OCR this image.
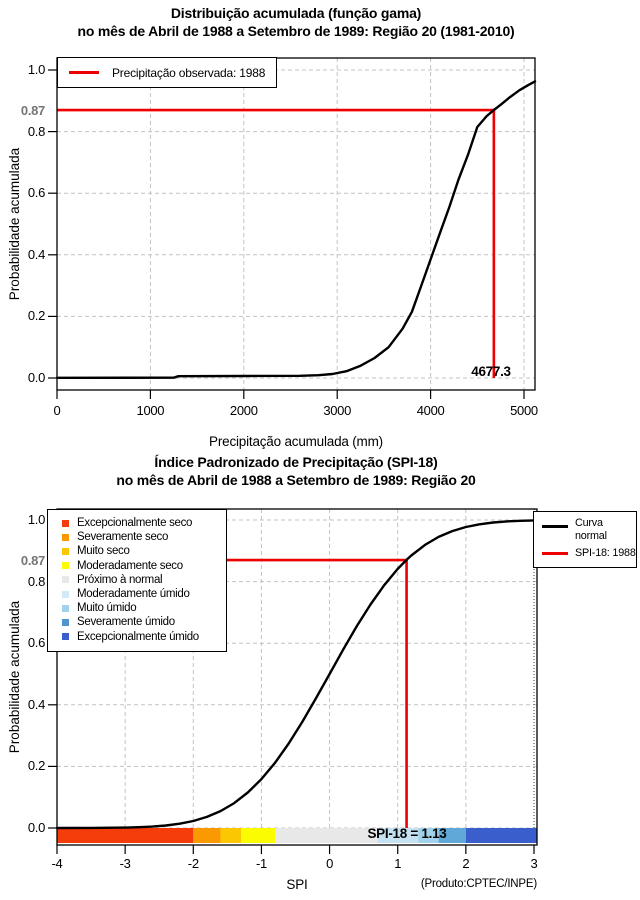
Distribuição acumulada (função gama)
no mês de Abril de 1988 a Setembro de 1989: Região 20 (1981-2010)
Probabilidade acumulada
Precipitação acumulada (mm)
0.87
4677.3
Precipitação observada: 1988
Índice Padronizado de Precipitação (SPI-18)
no mês de Abril de 1988 a Setembro de 1989: Região 20
Probabilidade acumulada
SPI	(Produto:CPTEC/INPE)
0.87
SPI-18 = 1.13
Excepcionalmente seco
Severamente seco
Muito seco
Moderadamente seco
Próximo à normal
Moderadamente úmido
Muito úmido
Severamente úmido
Excepcionalmente úmido
Curva
normal
SPI-18: 1988
0.0
0.2
0.4
0.6
0.8
1.0
0	1000	2000	3000	4000	5000
0.0
0.2
0.4
0.6
0.8
1.0
-4	-3	-2	-1	0	1	2	3
